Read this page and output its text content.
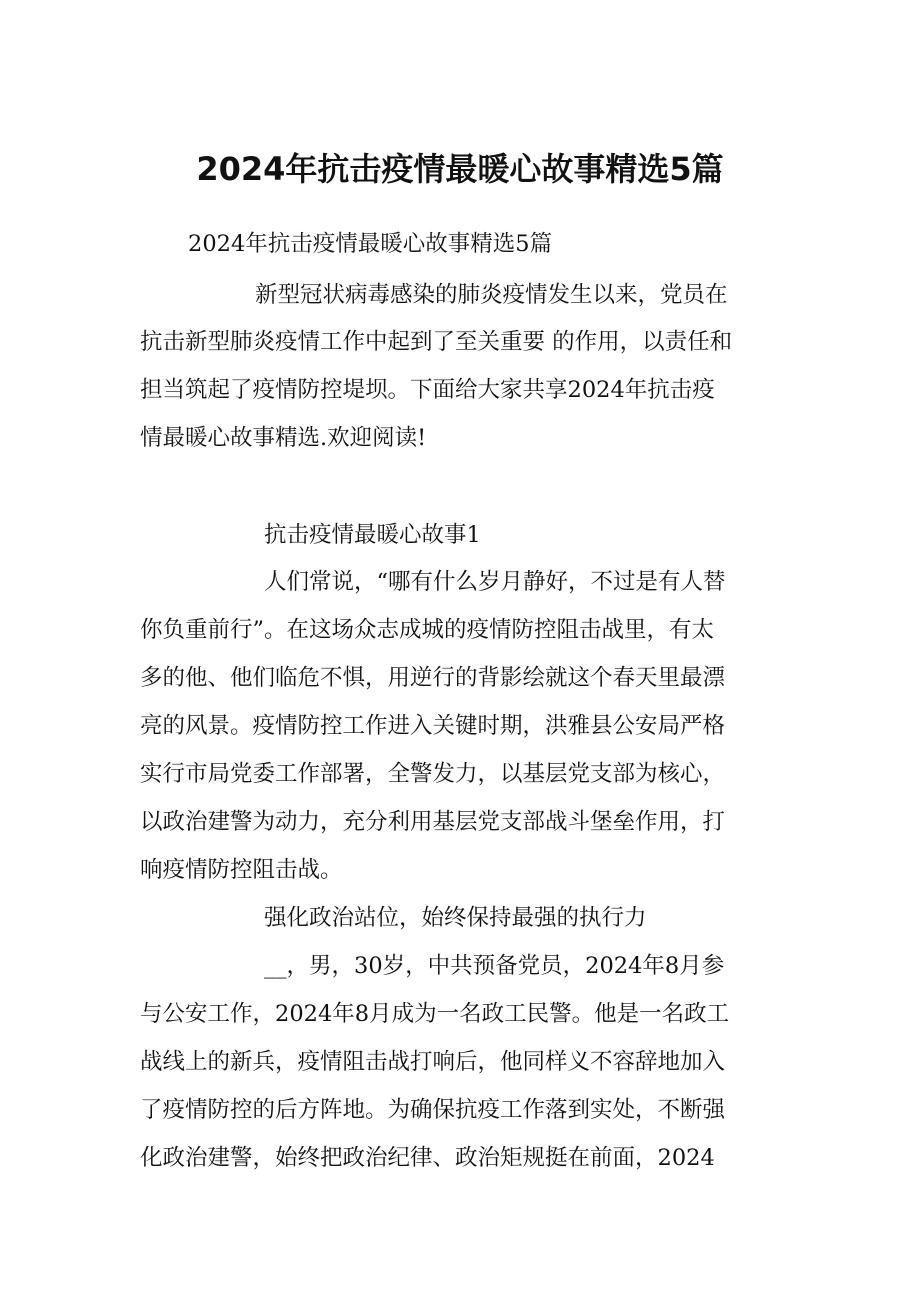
2024年抗击疫情最暖心故事精选5篇
2024年抗击疫情最暖心故事精选5篇
新型冠状病毒感染的肺炎疫情发生以来，党员在
抗击新型肺炎疫情工作中起到了至关重要 的作用，以责任和
担当筑起了疫情防控堤坝。下面给大家共享2024年抗击疫
情最暖心故事精选.欢迎阅读!
抗击疫情最暖心故事1
人们常说，“哪有什么岁月静好，不过是有人替
你负重前行”。在这场众志成城的疫情防控阻击战里，有太
多的他、他们临危不惧，用逆行的背影绘就这个春天里最漂
亮的风景。疫情防控工作进入关键时期，洪雅县公安局严格
实行市局党委工作部署，全警发力，以基层党支部为核心，
以政治建警为动力，充分利用基层党支部战斗堡垒作用，打
响疫情防控阻击战。
强化政治站位，始终保持最强的执行力
__，男，30岁，中共预备党员，2024年8月参
与公安工作，2024年8月成为一名政工民警。他是一名政工
战线上的新兵，疫情阻击战打响后，他同样义不容辞地加入
了疫情防控的后方阵地。为确保抗疫工作落到实处，不断强
化政治建警，始终把政治纪律、政治矩规挺在前面，2024
